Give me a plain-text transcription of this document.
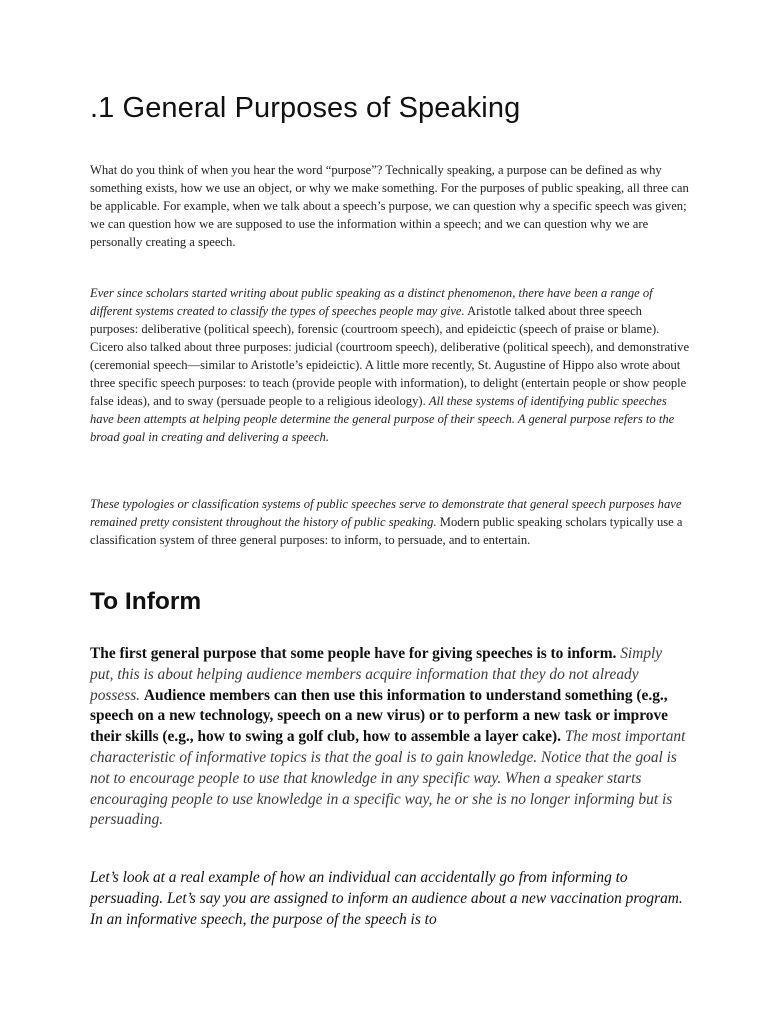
.1 General Purposes of Speaking

What do you think of when you hear the word “purpose”? Technically speaking, a purpose can be defined as why something exists, how we use an object, or why we make something. For the purposes of public speaking, all three can be applicable. For example, when we talk about a speech’s purpose, we can question why a specific speech was given; we can question how we are supposed to use the information within a speech; and we can question why we are personally creating a speech.

Ever since scholars started writing about public speaking as a distinct phenomenon, there have been a range of different systems created to classify the types of speeches people may give. Aristotle talked about three speech purposes: deliberative (political speech), forensic (courtroom speech), and epideictic (speech of praise or blame). Cicero also talked about three purposes: judicial (courtroom speech), deliberative (political speech), and demonstrative (ceremonial speech—similar to Aristotle’s epideictic). A little more recently, St. Augustine of Hippo also wrote about three specific speech purposes: to teach (provide people with information), to delight (entertain people or show people false ideas), and to sway (persuade people to a religious ideology). All these systems of identifying public speeches have been attempts at helping people determine the general purpose of their speech. A general purpose refers to the broad goal in creating and delivering a speech.

These typologies or classification systems of public speeches serve to demonstrate that general speech purposes have remained pretty consistent throughout the history of public speaking. Modern public speaking scholars typically use a classification system of three general purposes: to inform, to persuade, and to entertain.

To Inform

The first general purpose that some people have for giving speeches is to inform. Simply put, this is about helping audience members acquire information that they do not already possess. Audience members can then use this information to understand something (e.g., speech on a new technology, speech on a new virus) or to perform a new task or improve their skills (e.g., how to swing a golf club, how to assemble a layer cake). The most important characteristic of informative topics is that the goal is to gain knowledge. Notice that the goal is not to encourage people to use that knowledge in any specific way. When a speaker starts encouraging people to use knowledge in a specific way, he or she is no longer informing but is persuading.

Let’s look at a real example of how an individual can accidentally go from informing to persuading. Let’s say you are assigned to inform an audience about a new vaccination program. In an informative speech, the purpose of the speech is to
